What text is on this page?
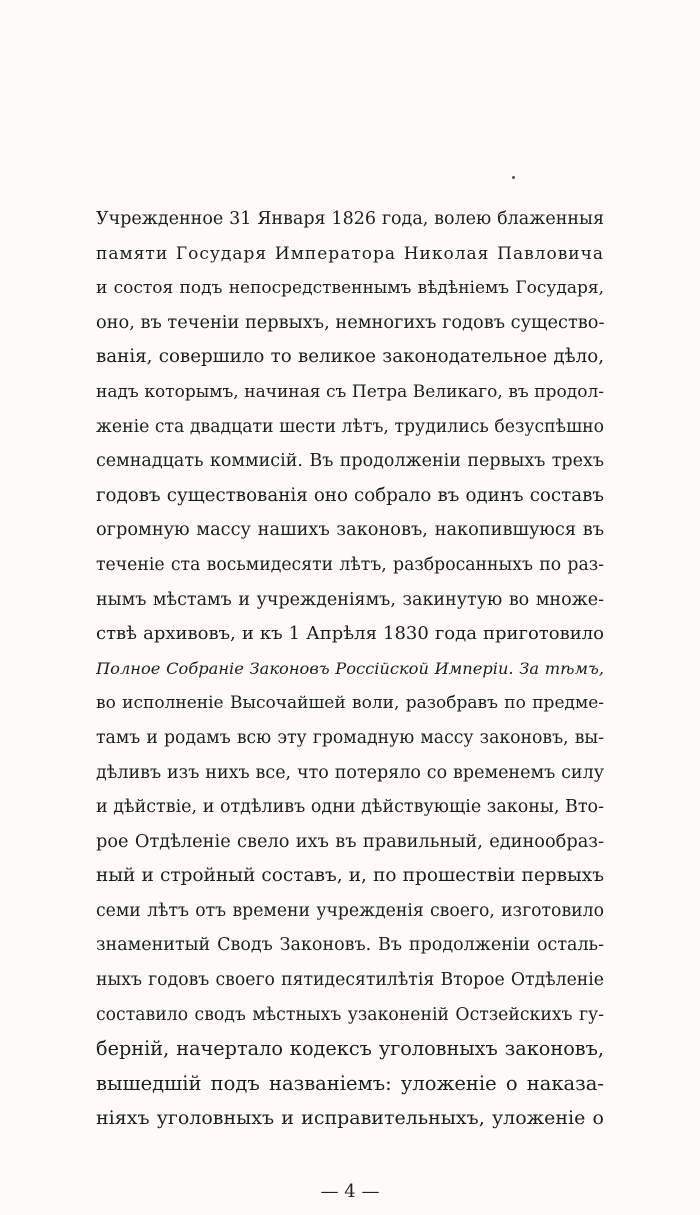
Учрежденное 31 Января 1826 года, волею блаженныя
памяти Государя Императора Николая Павловича
и состоя подъ непосредственнымъ вѣдѣніемъ Государя,
оно, въ теченіи первыхъ, немногихъ годовъ существо-
ванія, совершило то великое законодательное дѣло,
надъ которымъ, начиная съ Петра Великаго, въ продол-
женіе ста двадцати шести лѣтъ, трудились безуспѣшно
семнадцать коммисій. Въ продолженіи первыхъ трехъ
годовъ существованія оно собрало въ одинъ составъ
огромную массу нашихъ законовъ, накопившуюся въ
теченіе ста восьмидесяти лѣтъ, разбросанныхъ по раз-
нымъ мѣстамъ и учрежденіямъ, закинутую во множе-
ствѣ архивовъ, и къ 1 Апрѣля 1830 года приготовило
Полное Собраніе Законовъ Россійской Имперіи. За тѣмъ,
во исполненіе Высочайшей воли, разобравъ по предме-
тамъ и родамъ всю эту громадную массу законовъ, вы-
дѣливъ изъ нихъ все, что потеряло со временемъ силу
и дѣйствіе, и отдѣливъ одни дѣйствующіе законы, Вто-
рое Отдѣленіе свело ихъ въ правильный, единообраз-
ный и стройный составъ, и, по прошествіи первыхъ
семи лѣтъ отъ времени учрежденія своего, изготовило
знаменитый Сводъ Законовъ. Въ продолженіи осталь-
ныхъ годовъ своего пятидесятилѣтія Второе Отдѣленіе
составило сводъ мѣстныхъ узаконеній Остзейскихъ гу-
берній, начертало кодексъ уголовныхъ законовъ,
вышедшій подъ названіемъ: уложеніе о наказа-
ніяхъ уголовныхъ и исправительныхъ, уложеніе о
— 4 —
